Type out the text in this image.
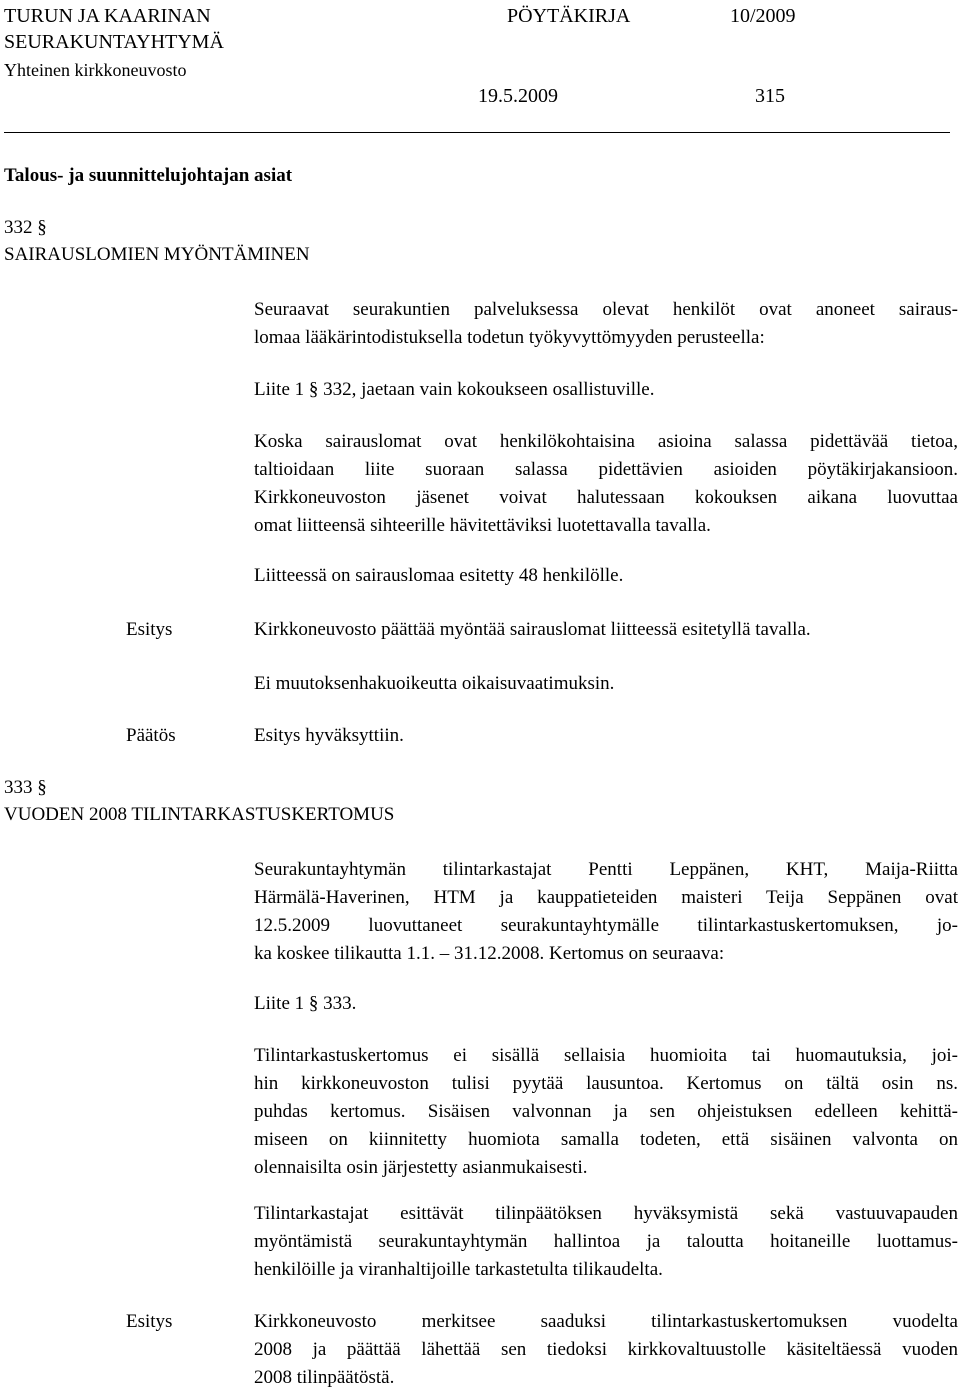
TURUN JA KAARINAN
SEURAKUNTAYHTYMÄ
Yhteinen kirkkoneuvosto
PÖYTÄKIRJA	10/2009
19.5.2009	315
Talous- ja suunnittelujohtajan asiat
332 §
SAIRAUSLOMIEN MYÖNTÄMINEN
Seuraavat seurakuntien palveluksessa olevat henkilöt ovat anoneet sairaus-
lomaa lääkärintodistuksella todetun työkyvyttömyyden perusteella:
Liite 1 § 332, jaetaan vain kokoukseen osallistuville.
Koska sairauslomat ovat henkilökohtaisina asioina salassa pidettävää tietoa,
taltioidaan liite suoraan salassa pidettävien asioiden pöytäkirjakansioon.
Kirkkoneuvoston jäsenet voivat halutessaan kokouksen aikana luovuttaa
omat liitteensä sihteerille hävitettäviksi luotettavalla tavalla.
Liitteessä on sairauslomaa esitetty 48 henkilölle.
Esitys	Kirkkoneuvosto päättää myöntää sairauslomat liitteessä esitetyllä tavalla.
Ei muutoksenhakuoikeutta oikaisuvaatimuksin.
Päätös	Esitys hyväksyttiin.
333 §
VUODEN 2008 TILINTARKASTUSKERTOMUS
Seurakuntayhtymän tilintarkastajat Pentti Leppänen, KHT, Maija-Riitta
Härmälä-Haverinen, HTM ja kauppatieteiden maisteri Teija Seppänen ovat
12.5.2009 luovuttaneet seurakuntayhtymälle tilintarkastuskertomuksen, jo-
ka koskee tilikautta 1.1. – 31.12.2008. Kertomus on seuraava:
Liite 1 § 333.
Tilintarkastuskertomus ei sisällä sellaisia huomioita tai huomautuksia, joi-
hin kirkkoneuvoston tulisi pyytää lausuntoa. Kertomus on tältä osin ns.
puhdas kertomus. Sisäisen valvonnan ja sen ohjeistuksen edelleen kehittä-
miseen on kiinnitetty huomiota samalla todeten, että sisäinen valvonta on
olennaisilta osin järjestetty asianmukaisesti.
Tilintarkastajat esittävät tilinpäätöksen hyväksymistä sekä vastuuvapauden
myöntämistä seurakuntayhtymän hallintoa ja taloutta hoitaneille luottamus-
henkilöille ja viranhaltijoille tarkastetulta tilikaudelta.
Esitys	Kirkkoneuvosto merkitsee saaduksi tilintarkastuskertomuksen vuodelta
2008 ja päättää lähettää sen tiedoksi kirkkovaltuustolle käsiteltäessä vuoden
2008 tilinpäätöstä.
